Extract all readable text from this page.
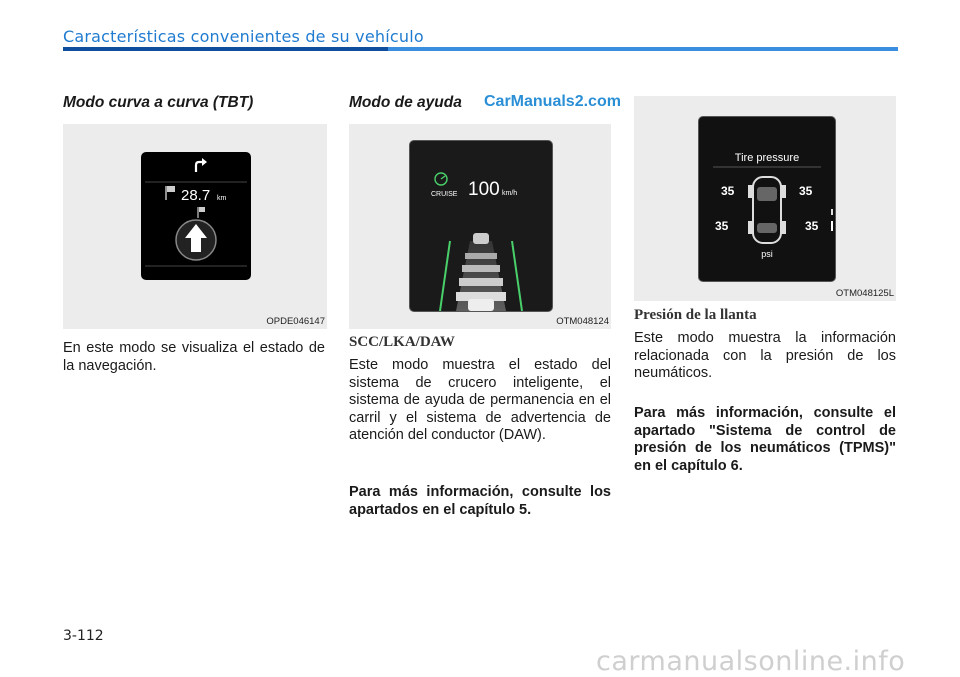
Características convenientes de su vehículo
Modo curva a curva (TBT)
28.7 km
OPDE046147
En este modo se visualiza el estado de la navegación.
Modo de ayuda CarManuals2.com
CRUISE 100 km/h
OTM048124
SCC/LKA/DAW
Este modo muestra el estado del sistema de crucero inteligente, el sistema de ayuda de permanencia en el carril y el sistema de advertencia de atención del conductor (DAW).
Para más información, consulte los apartados en el capítulo 5.
Tire pressure
35	35
35	35
psi
OTM048125L
Presión de la llanta
Este modo muestra la información relacionada con la presión de los neumáticos.
Para más información, consulte el apartado "Sistema de control de presión de los neumáticos (TPMS)" en el capítulo 6.
3-112
carmanualsonline.info
